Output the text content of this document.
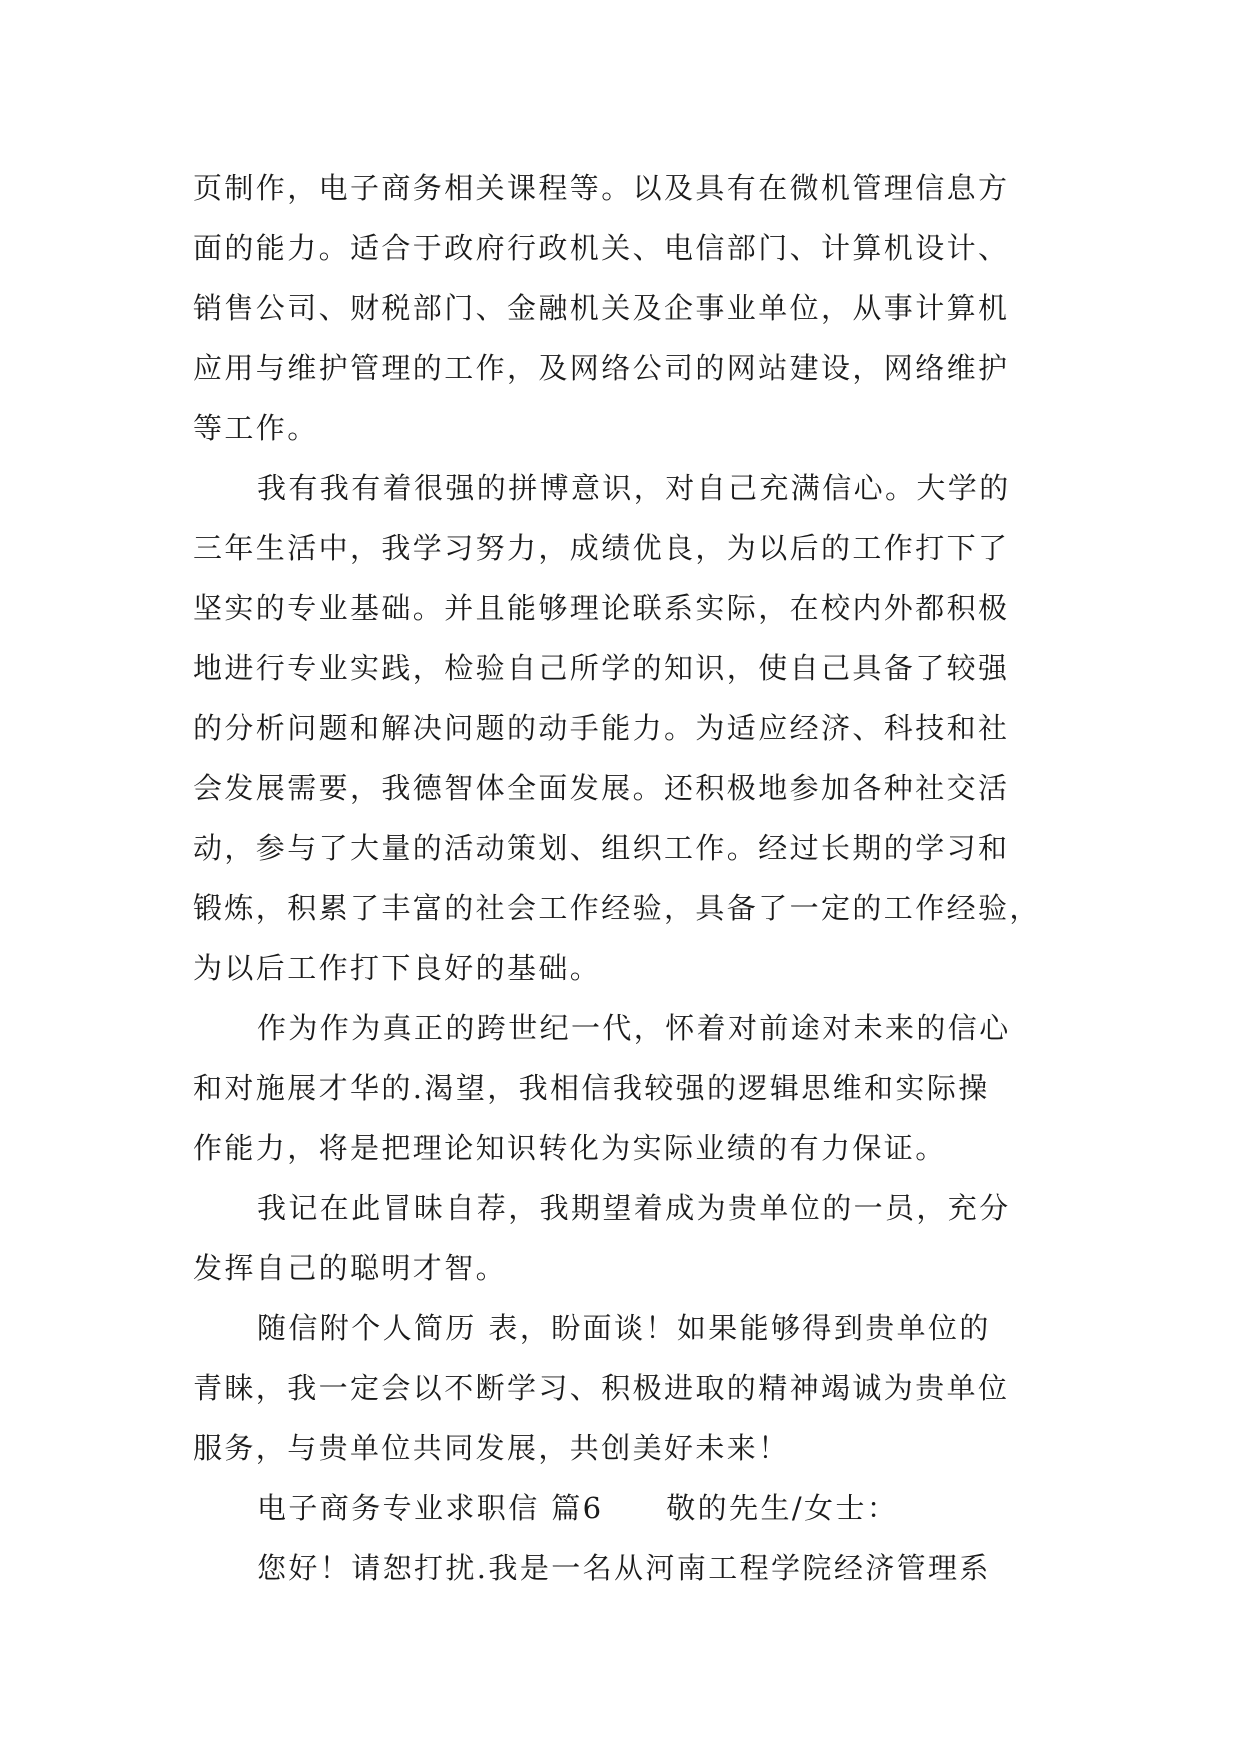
页制作，电子商务相关课程等。以及具有在微机管理信息方
面的能力。适合于政府行政机关、电信部门、计算机设计、
销售公司、财税部门、金融机关及企事业单位，从事计算机
应用与维护管理的工作，及网络公司的网站建设，网络维护
等工作。
我有我有着很强的拼博意识，对自己充满信心。大学的
三年生活中，我学习努力，成绩优良，为以后的工作打下了
坚实的专业基础。并且能够理论联系实际，在校内外都积极
地进行专业实践，检验自己所学的知识，使自己具备了较强
的分析问题和解决问题的动手能力。为适应经济、科技和社
会发展需要，我德智体全面发展。还积极地参加各种社交活
动，参与了大量的活动策划、组织工作。经过长期的学习和
锻炼，积累了丰富的社会工作经验，具备了一定的工作经验，
为以后工作打下良好的基础。
作为作为真正的跨世纪一代，怀着对前途对未来的信心
和对施展才华的.渴望，我相信我较强的逻辑思维和实际操
作能力，将是把理论知识转化为实际业绩的有力保证。
我记在此冒昧自荐，我期望着成为贵单位的一员，充分
发挥自己的聪明才智。
随信附个人简历 表，盼面谈！如果能够得到贵单位的
青睐，我一定会以不断学习、积极进取的精神竭诚为贵单位
服务，与贵单位共同发展，共创美好未来！
电子商务专业求职信 篇6　　敬的先生/女士：
您好！请恕打扰.我是一名从河南工程学院经济管理系
